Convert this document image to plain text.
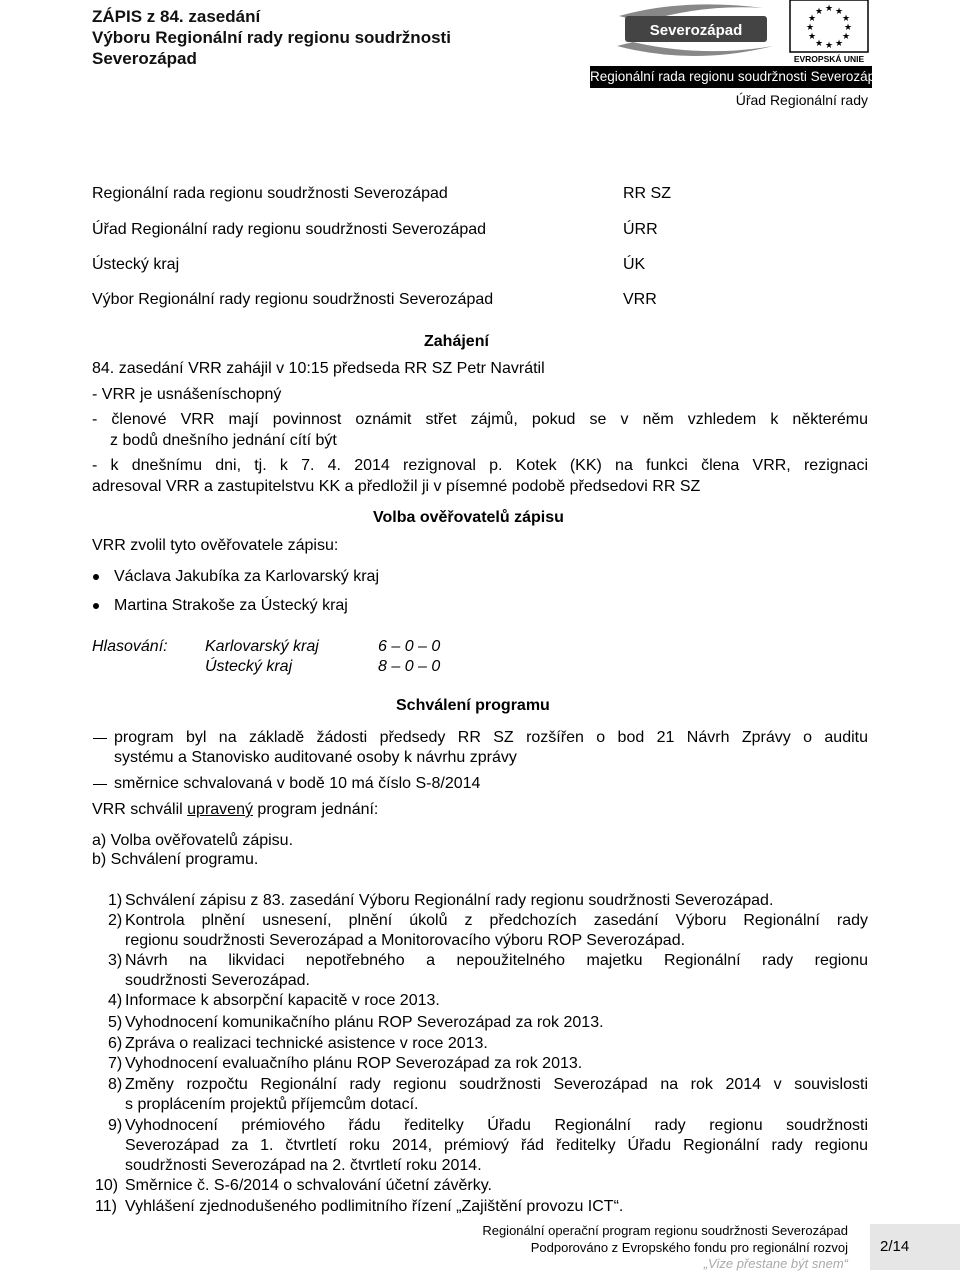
ZÁPIS z 84. zasedání
Výboru Regionální rady regionu soudržnosti
Severozápad
Severozápad
★ ★
★
★
★
★
★
★
★
★
★
★
EVROPSKÁ UNIE
Regionální rada regionu soudržnosti Severozápad
Úřad Regionální rady
Regionální rada regionu soudržnosti Severozápad	RR SZ
Úřad Regionální rady regionu soudržnosti Severozápad	ÚRR
Ústecký kraj	ÚK
Výbor Regionální rady regionu soudržnosti Severozápad	VRR
Zahájení
84. zasedání VRR zahájil v 10:15 předseda RR SZ Petr Navrátil
- VRR je usnášeníschopný
- členové VRR mají povinnost oznámit střet zájmů, pokud se v něm vzhledem k některému
z bodů dnešního jednání cítí být
- k dnešnímu dni, tj. k 7. 4. 2014 rezignoval p. Kotek (KK) na funkci člena VRR, rezignaci
adresoval VRR a zastupitelstvu KK a předložil ji v písemné podobě předsedovi RR SZ
Volba ověřovatelů zápisu
VRR zvolil tyto ověřovatele zápisu:
Václava Jakubíka za Karlovarský kraj
Martina Strakoše za Ústecký kraj
Hlasování: Karlovarský kraj	6 – 0 – 0
Ústecký kraj	8 – 0 – 0
Schválení programu
program byl na základě žádosti předsedy RR SZ rozšířen o bod 21 Návrh Zprávy o auditu
systému a Stanovisko auditované osoby k návrhu zprávy
směrnice schvalovaná v bodě 10 má číslo S-8/2014
VRR schválil upravený program jednání:
a) Volba ověřovatelů zápisu.
b) Schválení programu.
1) Schválení zápisu z 83. zasedání Výboru Regionální rady regionu soudržnosti Severozápad.
2) Kontrola plnění usnesení, plnění úkolů z předchozích zasedání Výboru Regionální rady
regionu soudržnosti Severozápad a Monitorovacího výboru ROP Severozápad.
3) Návrh na likvidaci nepotřebného a nepoužitelného majetku Regionální rady regionu
soudržnosti Severozápad.
4) Informace k absorpční kapacitě v roce 2013.
5) Vyhodnocení komunikačního plánu ROP Severozápad za rok 2013.
6) Zpráva o realizaci technické asistence v roce 2013.
7) Vyhodnocení evaluačního plánu ROP Severozápad za rok 2013.
8) Změny rozpočtu Regionální rady regionu soudržnosti Severozápad na rok 2014 v souvislosti
s proplácením projektů příjemcům dotací.
9) Vyhodnocení prémiového řádu ředitelky Úřadu Regionální rady regionu soudržnosti
Severozápad za 1. čtvrtletí roku 2014, prémiový řád ředitelky Úřadu Regionální rady regionu
soudržnosti Severozápad na 2. čtvrtletí roku 2014.
10) Směrnice č. S-6/2014 o schvalování účetní závěrky.
11) Vyhlášení zjednodušeného podlimitního řízení „Zajištění provozu ICT“.
Regionální operační program regionu soudržnosti Severozápad
Podporováno z Evropského fondu pro regionální rozvoj
„Vize přestane být snem“
2/14
